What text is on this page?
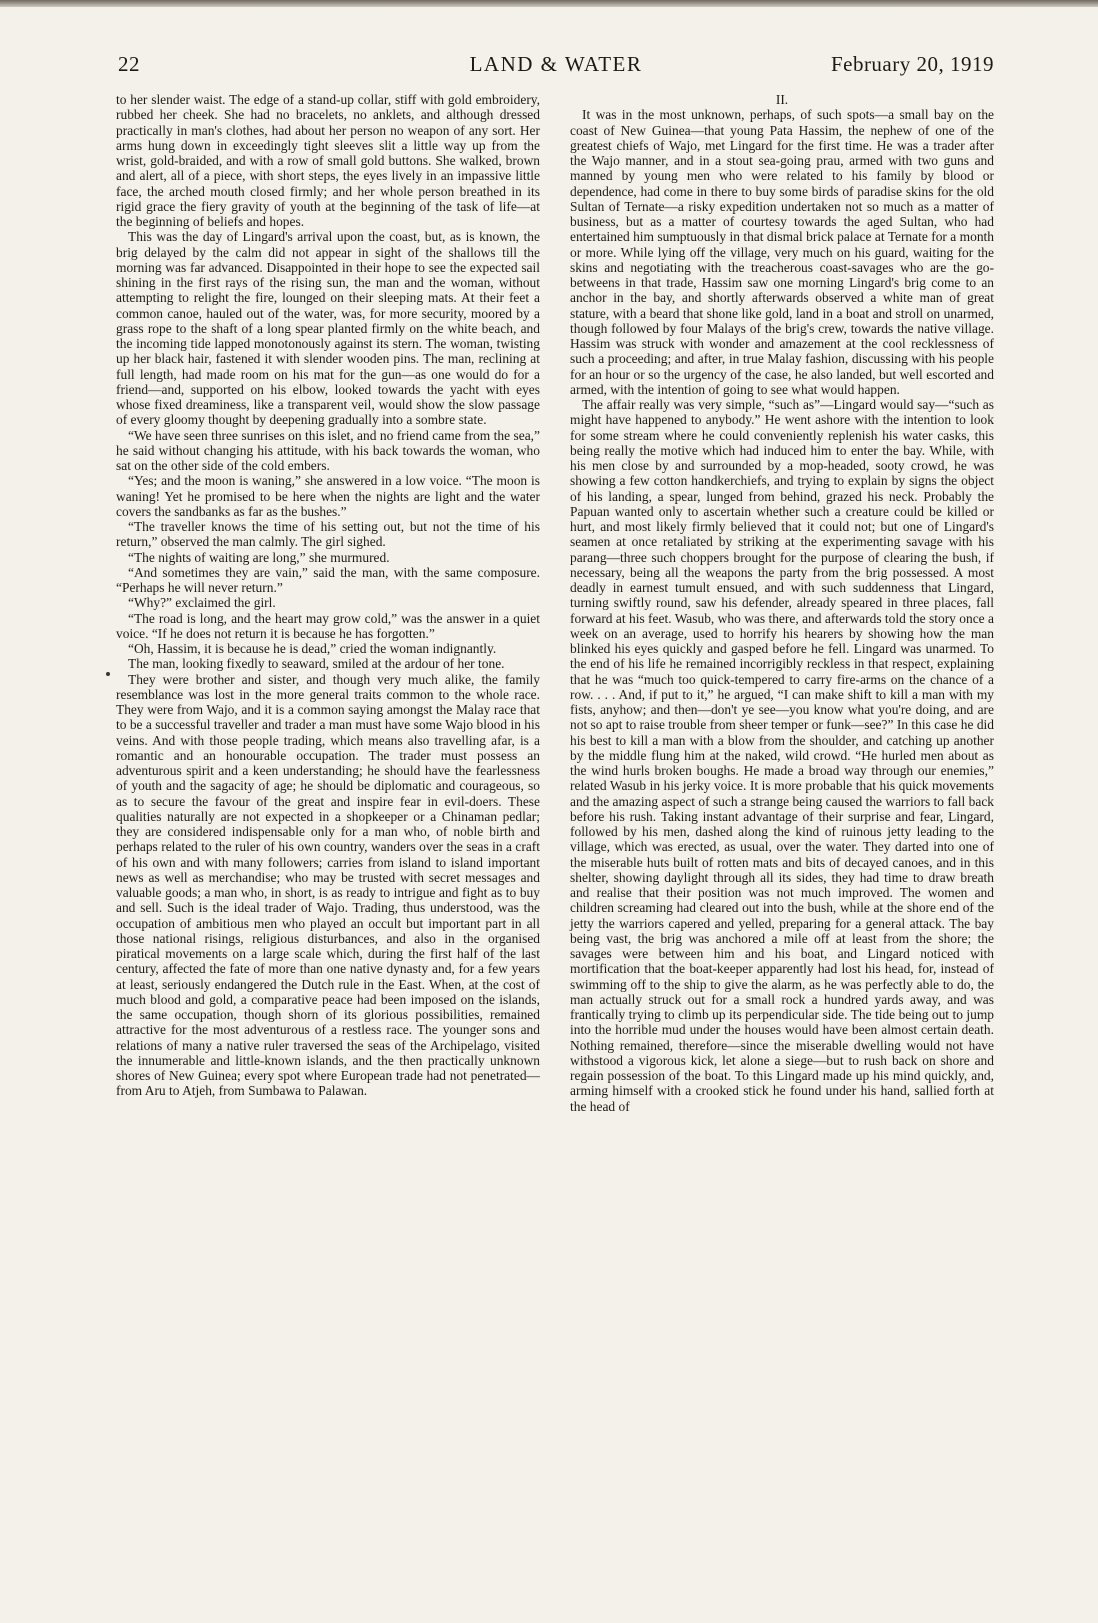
22	LAND & WATER	February 20, 1919

to her slender waist. The edge of a stand-up collar, stiff with gold embroidery, rubbed her cheek. She had no bracelets, no anklets, and although dressed practically in man's clothes, had about her person no weapon of any sort. Her arms hung down in exceedingly tight sleeves slit a little way up from the wrist, gold-braided, and with a row of small gold buttons. She walked, brown and alert, all of a piece, with short steps, the eyes lively in an impassive little face, the arched mouth closed firmly; and her whole person breathed in its rigid grace the fiery gravity of youth at the beginning of the task of life—at the beginning of beliefs and hopes.

This was the day of Lingard's arrival upon the coast, but, as is known, the brig delayed by the calm did not appear in sight of the shallows till the morning was far advanced. Disappointed in their hope to see the expected sail shining in the first rays of the rising sun, the man and the woman, without attempting to relight the fire, lounged on their sleeping mats. At their feet a common canoe, hauled out of the water, was, for more security, moored by a grass rope to the shaft of a long spear planted firmly on the white beach, and the incoming tide lapped monotonously against its stern. The woman, twisting up her black hair, fastened it with slender wooden pins. The man, reclining at full length, had made room on his mat for the gun—as one would do for a friend—and, supported on his elbow, looked towards the yacht with eyes whose fixed dreaminess, like a transparent veil, would show the slow passage of every gloomy thought by deepening gradually into a sombre state.

“We have seen three sunrises on this islet, and no friend came from the sea,” he said without changing his attitude, with his back towards the woman, who sat on the other side of the cold embers.

“Yes; and the moon is waning,” she answered in a low voice. “The moon is waning! Yet he promised to be here when the nights are light and the water covers the sandbanks as far as the bushes.”

“The traveller knows the time of his setting out, but not the time of his return,” observed the man calmly. The girl sighed.

“The nights of waiting are long,” she murmured.

“And sometimes they are vain,” said the man, with the same composure. “Perhaps he will never return.”

“Why?” exclaimed the girl.

“The road is long, and the heart may grow cold,” was the answer in a quiet voice. “If he does not return it is because he has forgotten.”

“Oh, Hassim, it is because he is dead,” cried the woman indignantly.

The man, looking fixedly to seaward, smiled at the ardour of her tone.

They were brother and sister, and though very much alike, the family resemblance was lost in the more general traits common to the whole race. They were from Wajo, and it is a common saying amongst the Malay race that to be a successful traveller and trader a man must have some Wajo blood in his veins. And with those people trading, which means also travelling afar, is a romantic and an honourable occupation. The trader must possess an adventurous spirit and a keen understanding; he should have the fearlessness of youth and the sagacity of age; he should be diplomatic and courageous, so as to secure the favour of the great and inspire fear in evil-doers. These qualities naturally are not expected in a shopkeeper or a Chinaman pedlar; they are considered indispensable only for a man who, of noble birth and perhaps related to the ruler of his own country, wanders over the seas in a craft of his own and with many followers; carries from island to island important news as well as merchandise; who may be trusted with secret messages and valuable goods; a man who, in short, is as ready to intrigue and fight as to buy and sell. Such is the ideal trader of Wajo. Trading, thus understood, was the occupation of ambitious men who played an occult but important part in all those national risings, religious disturbances, and also in the organised piratical movements on a large scale which, during the first half of the last century, affected the fate of more than one native dynasty and, for a few years at least, seriously endangered the Dutch rule in the East. When, at the cost of much blood and gold, a comparative peace had been imposed on the islands, the same occupation, though shorn of its glorious possibilities, remained attractive for the most adventurous of a restless race. The younger sons and relations of many a native ruler traversed the seas of the Archipelago, visited the innumerable and little-known islands, and the then practically unknown shores of New Guinea; every spot where European trade had not penetrated—from Aru to Atjeh, from Sumbawa to Palawan.

II.

It was in the most unknown, perhaps, of such spots—a small bay on the coast of New Guinea—that young Pata Hassim, the nephew of one of the greatest chiefs of Wajo, met Lingard for the first time. He was a trader after the Wajo manner, and in a stout sea-going prau, armed with two guns and manned by young men who were related to his family by blood or dependence, had come in there to buy some birds of paradise skins for the old Sultan of Ternate—a risky expedition undertaken not so much as a matter of business, but as a matter of courtesy towards the aged Sultan, who had entertained him sumptuously in that dismal brick palace at Ternate for a month or more. While lying off the village, very much on his guard, waiting for the skins and negotiating with the treacherous coast-savages who are the go-betweens in that trade, Hassim saw one morning Lingard's brig come to an anchor in the bay, and shortly afterwards observed a white man of great stature, with a beard that shone like gold, land in a boat and stroll on unarmed, though followed by four Malays of the brig's crew, towards the native village. Hassim was struck with wonder and amazement at the cool recklessness of such a proceeding; and after, in true Malay fashion, discussing with his people for an hour or so the urgency of the case, he also landed, but well escorted and armed, with the intention of going to see what would happen.

The affair really was very simple, “such as”—Lingard would say—“such as might have happened to anybody.” He went ashore with the intention to look for some stream where he could conveniently replenish his water casks, this being really the motive which had induced him to enter the bay. While, with his men close by and surrounded by a mop-headed, sooty crowd, he was showing a few cotton handkerchiefs, and trying to explain by signs the object of his landing, a spear, lunged from behind, grazed his neck. Probably the Papuan wanted only to ascertain whether such a creature could be killed or hurt, and most likely firmly believed that it could not; but one of Lingard's seamen at once retaliated by striking at the experimenting savage with his parang—three such choppers brought for the purpose of clearing the bush, if necessary, being all the weapons the party from the brig possessed. A most deadly in earnest tumult ensued, and with such suddenness that Lingard, turning swiftly round, saw his defender, already speared in three places, fall forward at his feet. Wasub, who was there, and afterwards told the story once a week on an average, used to horrify his hearers by showing how the man blinked his eyes quickly and gasped before he fell. Lingard was unarmed. To the end of his life he remained incorrigibly reckless in that respect, explaining that he was “much too quick-tempered to carry fire-arms on the chance of a row. . . . And, if put to it,” he argued, “I can make shift to kill a man with my fists, anyhow; and then—don't ye see—you know what you're doing, and are not so apt to raise trouble from sheer temper or funk—see?” In this case he did his best to kill a man with a blow from the shoulder, and catching up another by the middle flung him at the naked, wild crowd. “He hurled men about as the wind hurls broken boughs. He made a broad way through our enemies,” related Wasub in his jerky voice. It is more probable that his quick movements and the amazing aspect of such a strange being caused the warriors to fall back before his rush. Taking instant advantage of their surprise and fear, Lingard, followed by his men, dashed along the kind of ruinous jetty leading to the village, which was erected, as usual, over the water. They darted into one of the miserable huts built of rotten mats and bits of decayed canoes, and in this shelter, showing daylight through all its sides, they had time to draw breath and realise that their position was not much improved. The women and children screaming had cleared out into the bush, while at the shore end of the jetty the warriors capered and yelled, preparing for a general attack. The bay being vast, the brig was anchored a mile off at least from the shore; the savages were between him and his boat, and Lingard noticed with mortification that the boat-keeper apparently had lost his head, for, instead of swimming off to the ship to give the alarm, as he was perfectly able to do, the man actually struck out for a small rock a hundred yards away, and was frantically trying to climb up its perpendicular side. The tide being out to jump into the horrible mud under the houses would have been almost certain death. Nothing remained, therefore—since the miserable dwelling would not have withstood a vigorous kick, let alone a siege—but to rush back on shore and regain possession of the boat. To this Lingard made up his mind quickly, and, arming himself with a crooked stick he found under his hand, sallied forth at the head of
